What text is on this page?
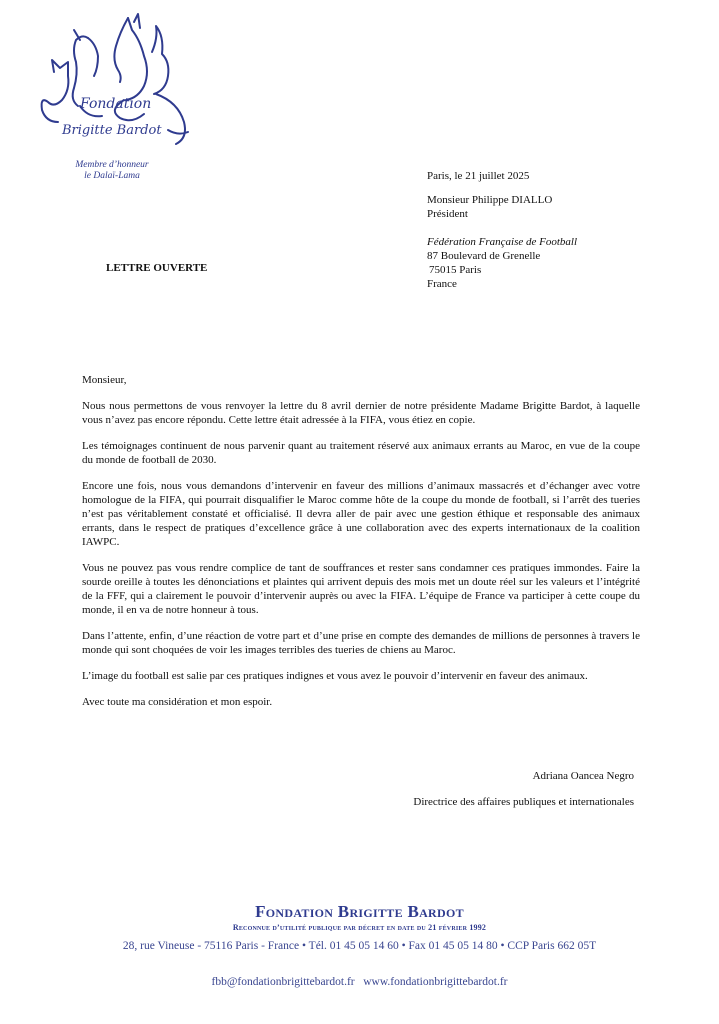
Fondation
Brigitte Bardot
Membre d’honneur
le Dalaï-Lama	Paris, le 21 juillet 2025
Monsieur Philippe DIALLO
Président
Fédération Française de Football
87 Boulevard de Grenelle
75015 Paris
France
LETTRE OUVERTE

Monsieur,

Nous nous permettons de vous renvoyer la lettre du 8 avril dernier de notre présidente Madame Brigitte Bardot, à laquelle vous n’avez pas encore répondu. Cette lettre était adressée à la FIFA, vous étiez en copie.

Les témoignages continuent de nous parvenir quant au traitement réservé aux animaux errants au Maroc, en vue de la coupe du monde de football de 2030.

Encore une fois, nous vous demandons d’intervenir en faveur des millions d’animaux massacrés et d’échanger avec votre homologue de la FIFA, qui pourrait disqualifier le Maroc comme hôte de la coupe du monde de football, si l’arrêt des tueries n’est pas véritablement constaté et officialisé. Il devra aller de pair avec une gestion éthique et responsable des animaux errants, dans le respect de pratiques d’excellence grâce à une collaboration avec des experts internationaux de la coalition IAWPC.

Vous ne pouvez pas vous rendre complice de tant de souffrances et rester sans condamner ces pratiques immondes. Faire la sourde oreille à toutes les dénonciations et plaintes qui arrivent depuis des mois met un doute réel sur les valeurs et l’intégrité de la FFF, qui a clairement le pouvoir d’intervenir auprès ou avec la FIFA. L’équipe de France va participer à cette coupe du monde, il en va de notre honneur à tous.

Dans l’attente, enfin, d’une réaction de votre part et d’une prise en compte des demandes de millions de personnes à travers le monde qui sont choquées de voir les images terribles des tueries de chiens au Maroc.

L’image du football est salie par ces pratiques indignes et vous avez le pouvoir d’intervenir en faveur des animaux.

Avec toute ma considération et mon espoir.

Adriana Oancea Negro
Directrice des affaires publiques et internationales
Fondation Brigitte Bardot
Reconnue d’utilité publique par décret en date du 21 février 1992
28, rue Vineuse - 75116 Paris - France • Tél. 01 45 05 14 60 • Fax 01 45 05 14 80 • CCP Paris 662 05T
fbb@fondationbrigittebardot.fr www.fondationbrigittebardot.fr
